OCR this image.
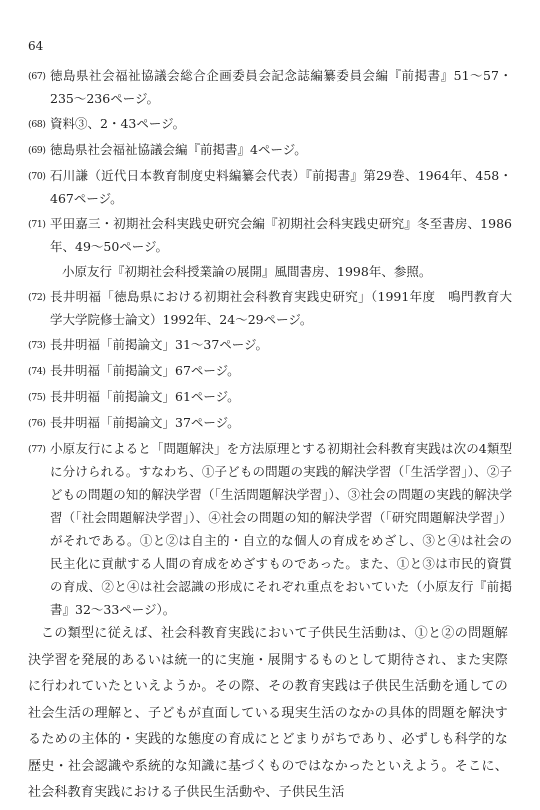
64
(67) 徳島県社会福祉協議会総合企画委員会記念誌編纂委員会編『前掲書』51〜57・235〜236ページ。
(68) 資料③、2・43ページ。
(69) 徳島県社会福祉協議会編『前掲書』4ページ。
(70) 石川謙（近代日本教育制度史料編纂会代表）『前掲書』第29巻、1964年、458・467ページ。
(71) 平田嘉三・初期社会科実践史研究会編『初期社会科実践史研究』冬至書房、1986年、49〜50ページ。
小原友行『初期社会科授業論の展開』風間書房、1998年、参照。
(72) 長井明福「徳島県における初期社会科教育実践史研究」（1991年度　鳴門教育大学大学院修士論文）1992年、24〜29ページ。
(73) 長井明福「前掲論文」31〜37ページ。
(74) 長井明福「前掲論文」67ページ。
(75) 長井明福「前掲論文」61ページ。
(76) 長井明福「前掲論文」37ページ。
(77) 小原友行によると「問題解決」を方法原理とする初期社会科教育実践は次の4類型に分けられる。すなわち、①子どもの問題の実践的解決学習（「生活学習」）、②子どもの問題の知的解決学習（「生活問題解決学習」）、③社会の問題の実践的解決学習（「社会問題解決学習」）、④社会の問題の知的解決学習（「研究問題解決学習」）がそれである。①と②は自主的・自立的な個人の育成をめざし、③と④は社会の民主化に貢献する人間の育成をめざすものであった。また、①と③は市民的資質の育成、②と④は社会認識の形成にそれぞれ重点をおいていた（小原友行『前掲書』32〜33ページ）。

この類型に従えば、社会科教育実践において子供民生活動は、①と②の問題解決学習を発展的あるいは統一的に実施・展開するものとして期待され、また実際に行われていたといえようか。その際、その教育実践は子供民生活動を通しての社会生活の理解と、子どもが直面している現実生活のなかの具体的問題を解決するための主体的・実践的な態度の育成にとどまりがちであり、必ずしも科学的な歴史・社会認識や系統的な知識に基づくものではなかったといえよう。そこに、社会科教育実践における子供民生活動や、子供民生活
